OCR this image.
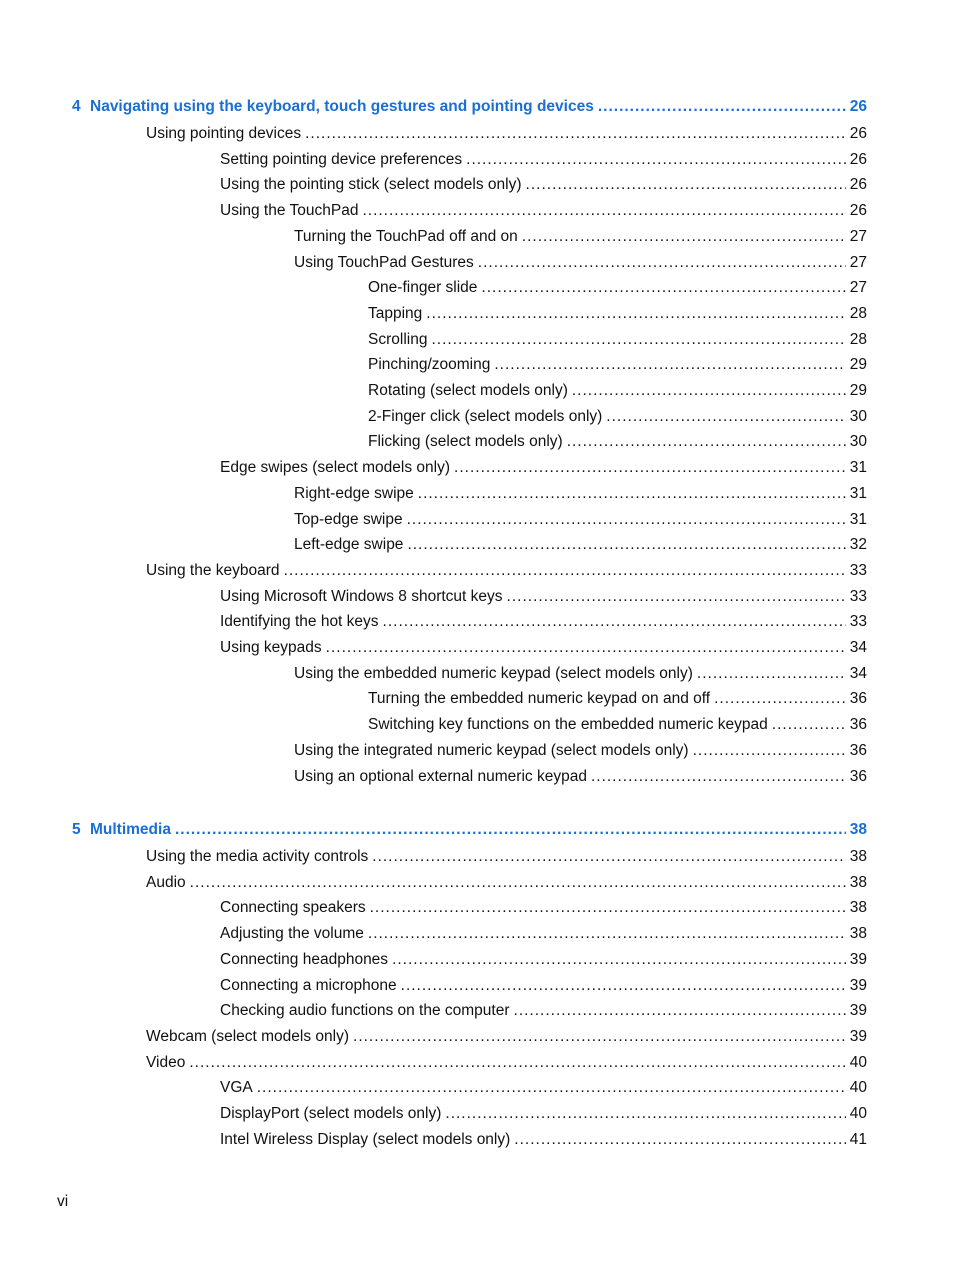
4 Navigating using the keyboard, touch gestures and pointing devices .....	26
Using pointing devices .....	26
Setting pointing device preferences .....	26
Using the pointing stick (select models only) .....	26
Using the TouchPad .....	26
Turning the TouchPad off and on .....	27
Using TouchPad Gestures .....	27
One-finger slide .....	27
Tapping .....	28
Scrolling .....	28
Pinching/zooming .....	29
Rotating (select models only) .....	29
2-Finger click (select models only) .....	30
Flicking (select models only) .....	30
Edge swipes (select models only) .....	31
Right-edge swipe .....	31
Top-edge swipe .....	31
Left-edge swipe .....	32
Using the keyboard .....	33
Using Microsoft Windows 8 shortcut keys .....	33
Identifying the hot keys .....	33
Using keypads .....	34
Using the embedded numeric keypad (select models only) .....	34
Turning the embedded numeric keypad on and off .....	36
Switching key functions on the embedded numeric keypad .....	36
Using the integrated numeric keypad (select models only) .....	36
Using an optional external numeric keypad .....	36
5 Multimedia .....	38
Using the media activity controls .....	38
Audio .....	38
Connecting speakers .....	38
Adjusting the volume .....	38
Connecting headphones .....	39
Connecting a microphone .....	39
Checking audio functions on the computer .....	39
Webcam (select models only) .....	39
Video .....	40
VGA .....	40
DisplayPort (select models only) .....	40
Intel Wireless Display (select models only) .....	41
vi
